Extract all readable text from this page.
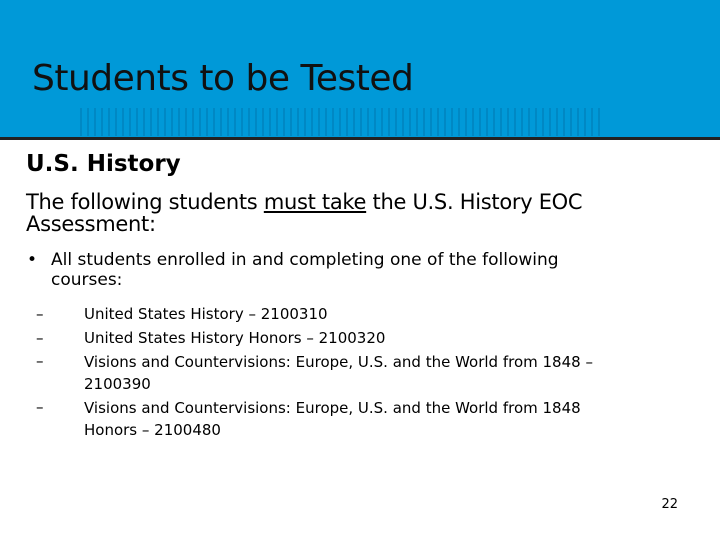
Students to be Tested
U.S. History

The following students must take the U.S. History EOC Assessment:

• All students enrolled in and completing one of the following courses:
–	United States History – 2100310
–	United States History Honors – 2100320
–	Visions and Countervisions: Europe, U.S. and the World from 1848 – 2100390
–	Visions and Countervisions: Europe, U.S. and the World from 1848 Honors – 2100480
22
